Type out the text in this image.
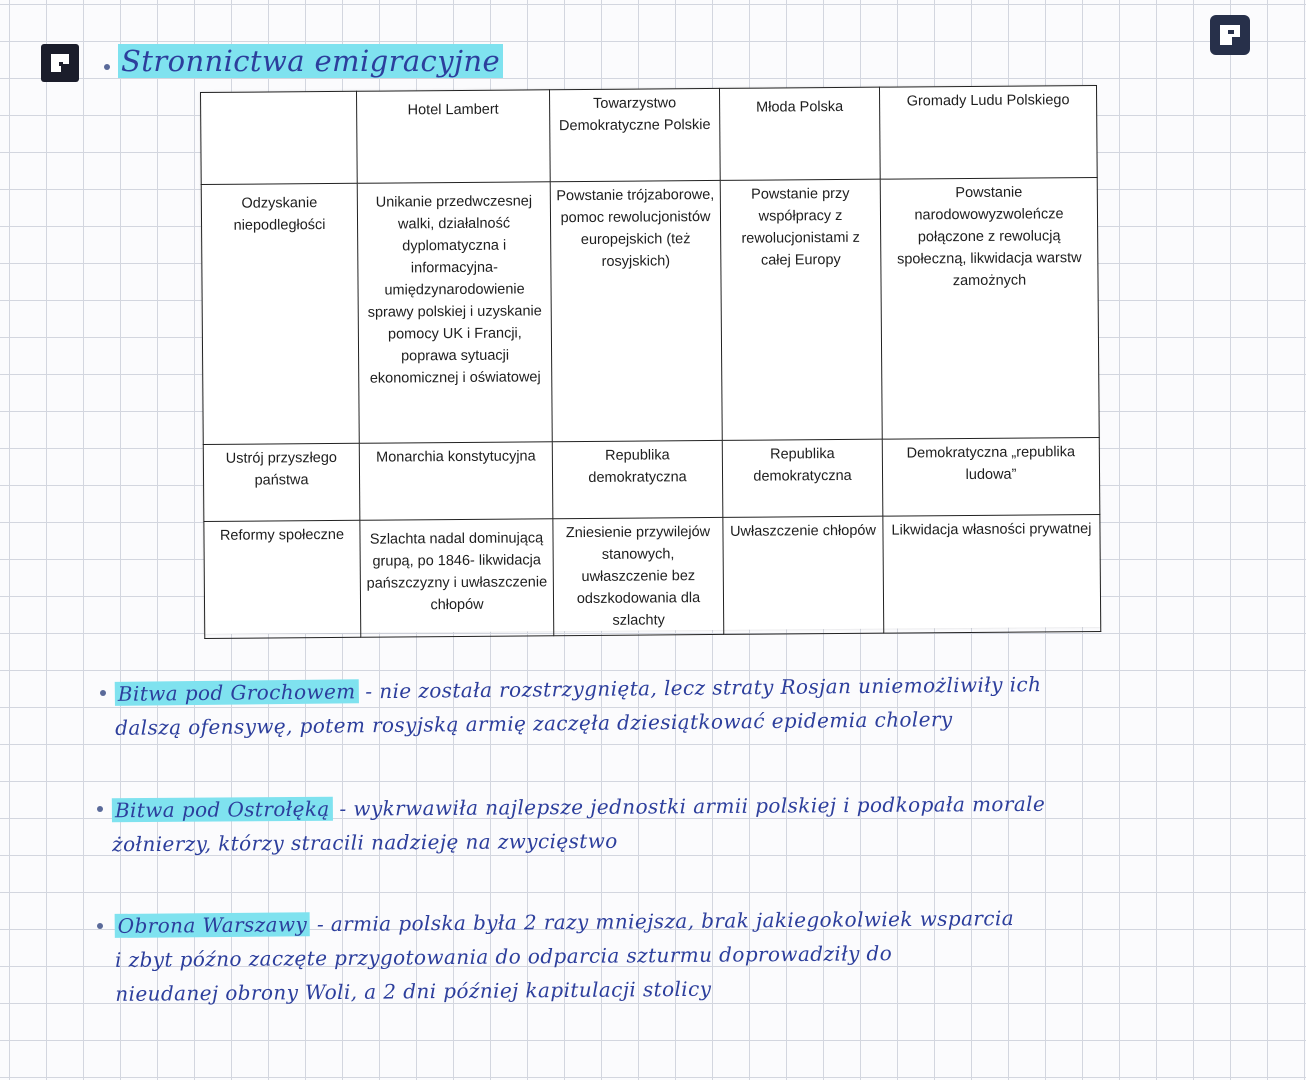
Stronnictwa emigracyjne
	Hotel Lambert	Towarzystwo Demokratyczne Polskie	Młoda Polska	Gromady Ludu Polskiego
Odzyskanie niepodległości	Unikanie przedwczesnej walki, działalność dyplomatyczna i informacyjna- umiędzynarodowienie sprawy polskiej i uzyskanie pomocy UK i Francji, poprawa sytuacji ekonomicznej i oświatowej	Powstanie trójzaborowe, pomoc rewolucjonistów europejskich (też rosyjskich)	Powstanie przy współpracy z rewolucjonistami z całej Europy	Powstanie narodowowyzwoleńcze połączone z rewolucją społeczną, likwidacja warstw zamożnych
Ustrój przyszłego państwa	Monarchia konstytucyjna	Republika demokratyczna	Republika demokratyczna	Demokratyczna „republika ludowa”
Reformy społeczne	Szlachta nadal dominującą grupą, po 1846- likwidacja pańszczyzny i uwłaszczenie chłopów	Zniesienie przywilejów stanowych, uwłaszczenie bez odszkodowania dla szlachty	Uwłaszczenie chłopów	Likwidacja własności prywatnej
Bitwa pod Grochowem - nie została rozstrzygnięta, lecz straty Rosjan uniemożliwiły ich
dalszą ofensywę, potem rosyjską armię zaczęła dziesiątkować epidemia cholery
Bitwa pod Ostrołęką - wykrwawiła najlepsze jednostki armii polskiej i podkopała morale
żołnierzy, którzy stracili nadzieję na zwycięstwo
Obrona Warszawy - armia polska była 2 razy mniejsza, brak jakiegokolwiek wsparcia
i zbyt późno zaczęte przygotowania do odparcia szturmu doprowadziły do
nieudanej obrony Woli, a 2 dni później kapitulacji stolicy
